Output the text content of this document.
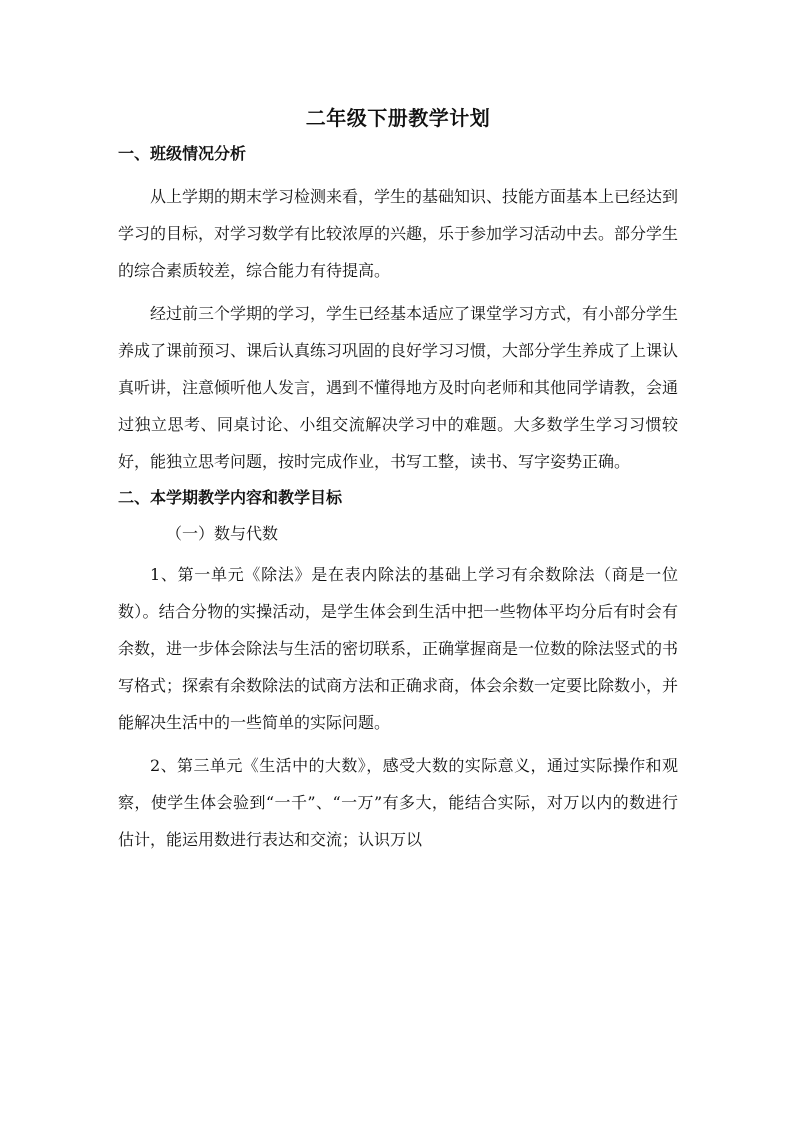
二年级下册教学计划
一、班级情况分析

从上学期的期末学习检测来看，学生的基础知识、技能方面基本上已经达到学习的目标，对学习数学有比较浓厚的兴趣，乐于参加学习活动中去。部分学生的综合素质较差，综合能力有待提高。

经过前三个学期的学习，学生已经基本适应了课堂学习方式，有小部分学生养成了课前预习、课后认真练习巩固的良好学习习惯，大部分学生养成了上课认真听讲，注意倾听他人发言，遇到不懂得地方及时向老师和其他同学请教，会通过独立思考、同桌讨论、小组交流解决学习中的难题。大多数学生学习习惯较好，能独立思考问题，按时完成作业，书写工整，读书、写字姿势正确。

二、本学期教学内容和教学目标
（一）数与代数

1、第一单元《除法》是在表内除法的基础上学习有余数除法（商是一位数）。结合分物的实操活动，是学生体会到生活中把一些物体平均分后有时会有余数，进一步体会除法与生活的密切联系，正确掌握商是一位数的除法竖式的书写格式；探索有余数除法的试商方法和正确求商，体会余数一定要比除数小，并能解决生活中的一些简单的实际问题。

2、第三单元《生活中的大数》，感受大数的实际意义，通过实际操作和观察，使学生体会验到“一千”、“一万”有多大，能结合实际，对万以内的数进行估计，能运用数进行表达和交流；认识万以
